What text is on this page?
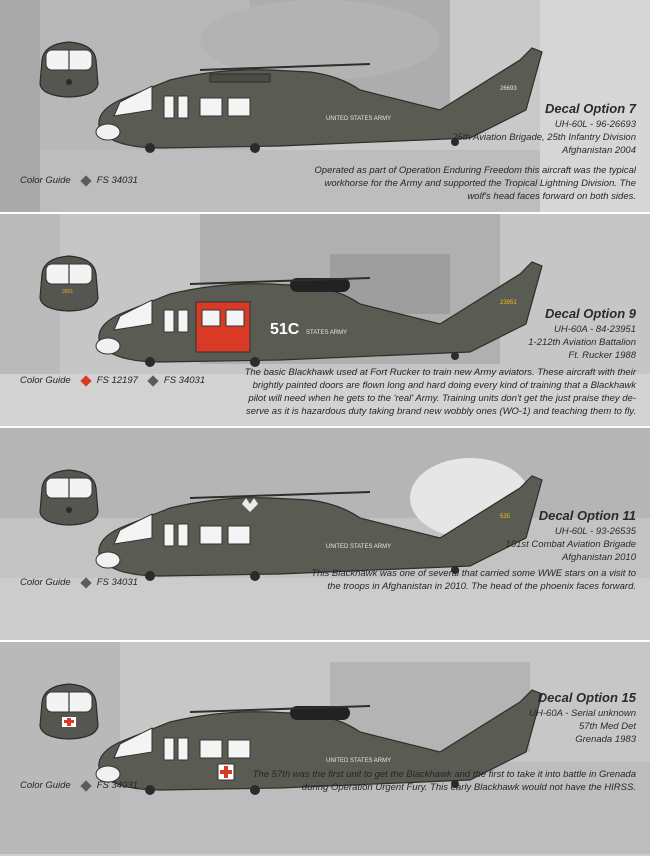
UNITED STATES ARMY
26693
Decal Option 7
UH-60L - 96-26693
25th Aviation Brigade, 25th Infantry Division
Afghanistan 2004
Operated as part of Operation Enduring Freedom this aircraft was the typical
workhorse for the Army and supported the Tropical Lightning Division. The
wolf's head faces forward on both sides.
Color Guide	FS 34031
3951
51C STATES ARMY
23951
Decal Option 9
UH-60A - 84-23951
1-212th Aviation Battalion
Ft. Rucker 1988
The basic Blackhawk used at Fort Rucker to train new Army aviators. These aircraft with their
brightly painted doors are flown long and hard doing every kind of training that a Blackhawk
pilot will need when he gets to the 'real' Army. Training units don't get the just praise they de-
serve as it is hazardous duty taking brand new wobbly ones (WO-1) and teaching them to fly.
Color Guide	FS 12197	FS 34031
UNITED STATES ARMY
535 Decal Option 11
UH-60L - 93-26535
101st Combat Aviation Brigade
Afghanistan 2010
This Blackhawk was one of several that carried some WWE stars on a visit to
the troops in Afghanistan in 2010. The head of the phoenix faces forward.
Color Guide	FS 34031
UNITED STATES ARMY
Decal Option 15
UH-60A - Serial unknown
57th Med Det
Grenada 1983
The 57th was the first unit to get the Blackhawk and the first to take it into battle in Grenada
during Operation Urgent Fury. This early Blackhawk would not have the HIRSS.
Color Guide	FS 34031
